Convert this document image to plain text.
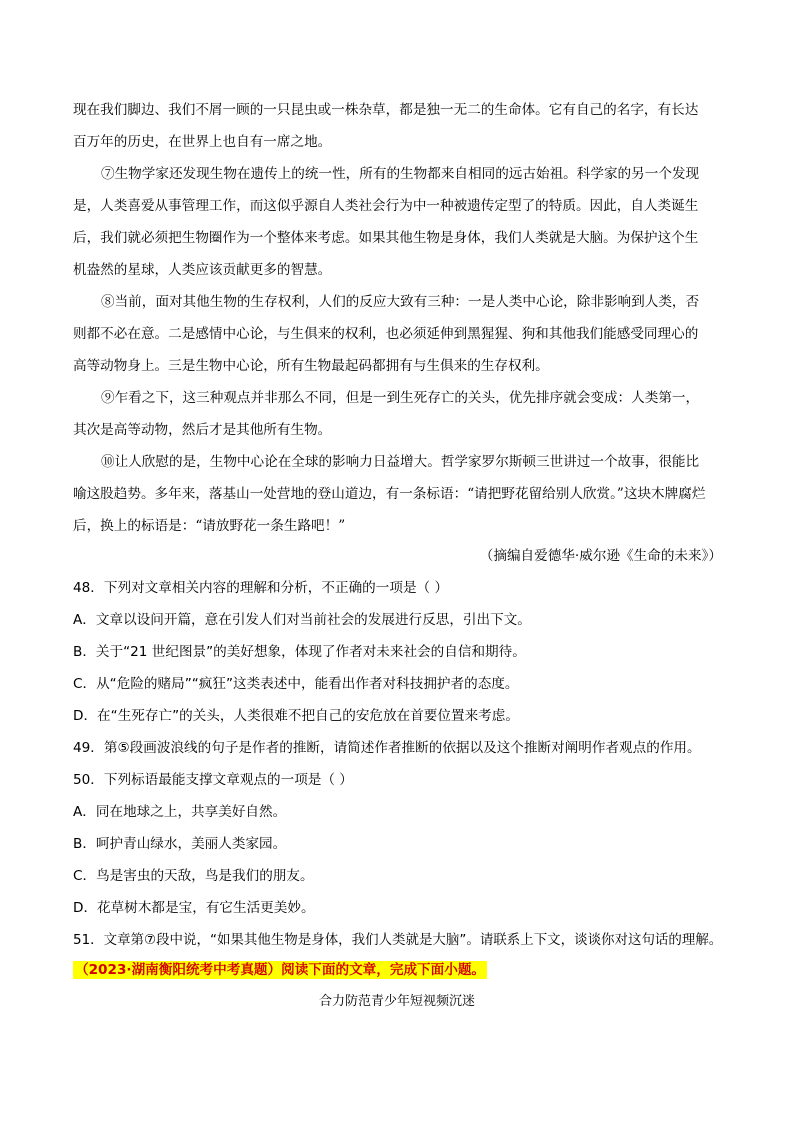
现在我们脚边、我们不屑一顾的一只昆虫或一株杂草，都是独一无二的生命体。它有自己的名字，有长达
百万年的历史，在世界上也自有一席之地。
⑦生物学家还发现生物在遗传上的统一性，所有的生物都来自相同的远古始祖。科学家的另一个发现
是，人类喜爱从事管理工作，而这似乎源自人类社会行为中一种被遗传定型了的特质。因此，自人类诞生
后，我们就必须把生物圈作为一个整体来考虑。如果其他生物是身体，我们人类就是大脑。为保护这个生
机盎然的星球，人类应该贡献更多的智慧。
⑧当前，面对其他生物的生存权利，人们的反应大致有三种：一是人类中心论，除非影响到人类，否
则都不必在意。二是感情中心论，与生俱来的权利，也必须延伸到黑猩猩、狗和其他我们能感受同理心的
高等动物身上。三是生物中心论，所有生物最起码都拥有与生俱来的生存权利。
⑨乍看之下，这三种观点并非那么不同，但是一到生死存亡的关头，优先排序就会变成：人类第一，
其次是高等动物，然后才是其他所有生物。
⑩让人欣慰的是，生物中心论在全球的影响力日益增大。哲学家罗尔斯顿三世讲过一个故事，很能比
喻这股趋势。多年来，落基山一处营地的登山道边，有一条标语：“请把野花留给别人欣赏。”这块木牌腐烂
后，换上的标语是：“请放野花一条生路吧！”
（摘编自爱德华·威尔逊《生命的未来》）
48．下列对文章相关内容的理解和分析，不正确的一项是（ ）
A．文章以设问开篇，意在引发人们对当前社会的发展进行反思，引出下文。
B．关于“21 世纪图景”的美好想象，体现了作者对未来社会的自信和期待。
C．从“危险的赌局”“疯狂”这类表述中，能看出作者对科技拥护者的态度。
D．在“生死存亡”的关头，人类很难不把自己的安危放在首要位置来考虑。
49．第⑤段画波浪线的句子是作者的推断，请简述作者推断的依据以及这个推断对阐明作者观点的作用。
50．下列标语最能支撑文章观点的一项是（ ）
A．同在地球之上，共享美好自然。
B．呵护青山绿水，美丽人类家园。
C．鸟是害虫的天敌，鸟是我们的朋友。
D．花草树木都是宝，有它生活更美妙。
51．文章第⑦段中说，“如果其他生物是身体，我们人类就是大脑”。请联系上下文，谈谈你对这句话的理解。
（2023·湖南衡阳统考中考真题）阅读下面的文章，完成下面小题。
合力防范青少年短视频沉迷
